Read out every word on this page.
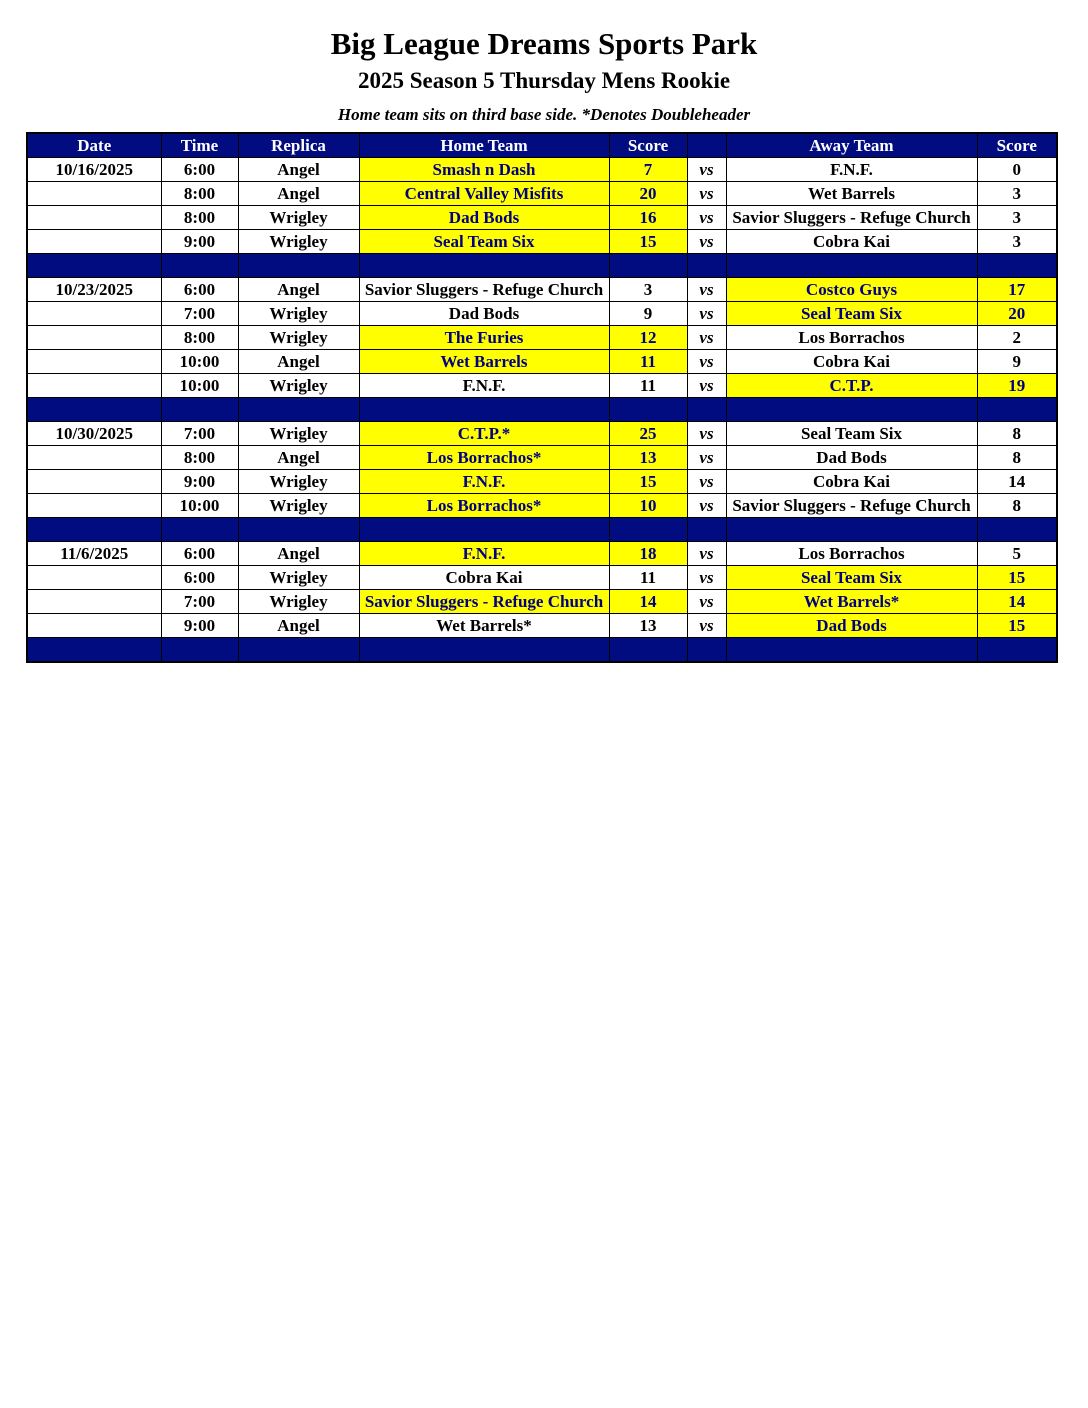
Big League Dreams Sports Park
2025 Season 5 Thursday Mens Rookie
Home team sits on third base side. *Denotes Doubleheader
Date	Time	Replica	Home Team	Score		Away Team	Score
10/16/2025	6:00	Angel	Smash n Dash	7	vs	F.N.F.	0
	8:00	Angel	Central Valley Misfits	20	vs	Wet Barrels	3
	8:00	Wrigley	Dad Bods	16	vs	Savior Sluggers - Refuge Church	3
	9:00	Wrigley	Seal Team Six	15	vs	Cobra Kai	3

10/23/2025	6:00	Angel	Savior Sluggers - Refuge Church	3	vs	Costco Guys	17
	7:00	Wrigley	Dad Bods	9	vs	Seal Team Six	20
	8:00	Wrigley	The Furies	12	vs	Los Borrachos	2
	10:00	Angel	Wet Barrels	11	vs	Cobra Kai	9
	10:00	Wrigley	F.N.F.	11	vs	C.T.P.	19

10/30/2025	7:00	Wrigley	C.T.P.*	25	vs	Seal Team Six	8
	8:00	Angel	Los Borrachos*	13	vs	Dad Bods	8
	9:00	Wrigley	F.N.F.	15	vs	Cobra Kai	14
	10:00	Wrigley	Los Borrachos*	10	vs	Savior Sluggers - Refuge Church	8

11/6/2025	6:00	Angel	F.N.F.	18	vs	Los Borrachos	5
	6:00	Wrigley	Cobra Kai	11	vs	Seal Team Six	15
	7:00	Wrigley	Savior Sluggers - Refuge Church	14	vs	Wet Barrels*	14
	9:00	Angel	Wet Barrels*	13	vs	Dad Bods	15
